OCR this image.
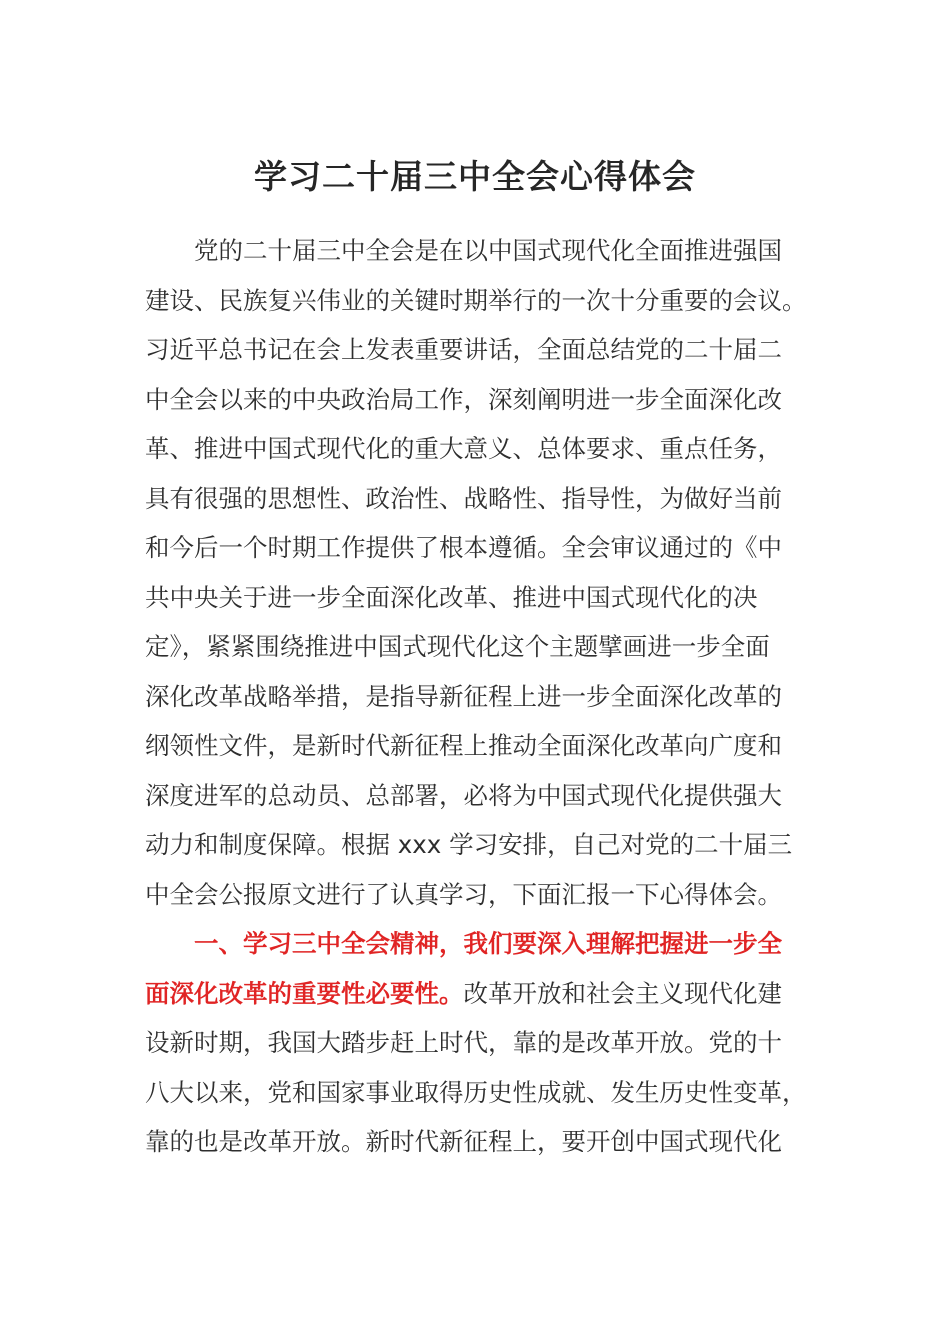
学习二十届三中全会心得体会
党的二十届三中全会是在以中国式现代化全面推进强国
建设、民族复兴伟业的关键时期举行的一次十分重要的会议。
习近平总书记在会上发表重要讲话，全面总结党的二十届二
中全会以来的中央政治局工作，深刻阐明进一步全面深化改
革、推进中国式现代化的重大意义、总体要求、重点任务，
具有很强的思想性、政治性、战略性、指导性，为做好当前
和今后一个时期工作提供了根本遵循。全会审议通过的《中
共中央关于进一步全面深化改革、推进中国式现代化的决
定》，紧紧围绕推进中国式现代化这个主题擘画进一步全面
深化改革战略举措，是指导新征程上进一步全面深化改革的
纲领性文件，是新时代新征程上推动全面深化改革向广度和
深度进军的总动员、总部署，必将为中国式现代化提供强大
动力和制度保障。根据 xxx 学习安排，自己对党的二十届三
中全会公报原文进行了认真学习，下面汇报一下心得体会。
一、学习三中全会精神，我们要深入理解把握进一步全
面深化改革的重要性必要性。改革开放和社会主义现代化建
设新时期，我国大踏步赶上时代，靠的是改革开放。党的十
八大以来，党和国家事业取得历史性成就、发生历史性变革，
靠的也是改革开放。新时代新征程上，要开创中国式现代化
